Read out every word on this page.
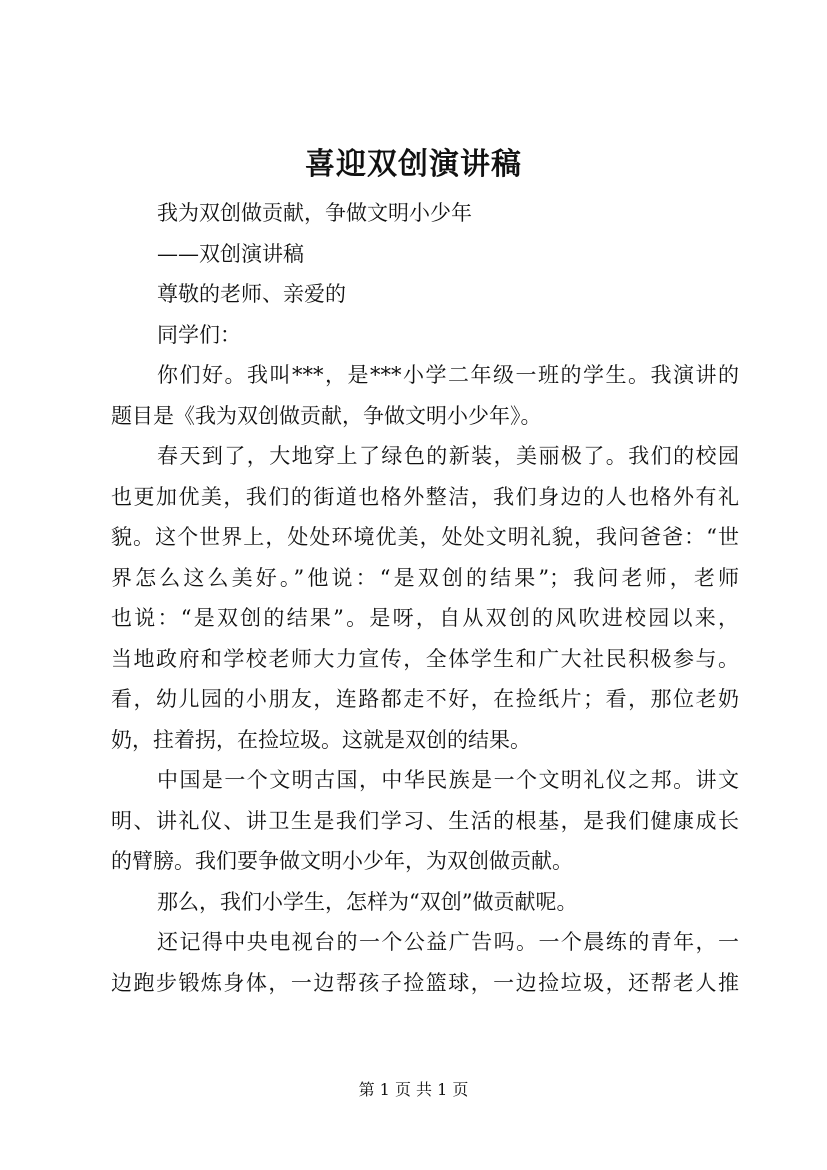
喜迎双创演讲稿
我为双创做贡献，争做文明小少年
——双创演讲稿
尊敬的老师、亲爱的
同学们：
你们好。我叫***，是***小学二年级一班的学生。我演讲的
题目是《我为双创做贡献，争做文明小少年》。
春天到了，大地穿上了绿色的新装，美丽极了。我们的校园
也更加优美，我们的街道也格外整洁，我们身边的人也格外有礼
貌。这个世界上，处处环境优美，处处文明礼貌，我问爸爸：“世
界怎么这么美好。”他说：“是双创的结果”；我问老师，老师
也说：“是双创的结果”。是呀，自从双创的风吹进校园以来，
当地政府和学校老师大力宣传，全体学生和广大社民积极参与。
看，幼儿园的小朋友，连路都走不好，在捡纸片；看，那位老奶
奶，拄着拐，在捡垃圾。这就是双创的结果。
中国是一个文明古国，中华民族是一个文明礼仪之邦。讲文
明、讲礼仪、讲卫生是我们学习、生活的根基，是我们健康成长
的臂膀。我们要争做文明小少年，为双创做贡献。
那么，我们小学生，怎样为“双创”做贡献呢。
还记得中央电视台的一个公益广告吗。一个晨练的青年，一
边跑步锻炼身体，一边帮孩子捡篮球，一边捡垃圾，还帮老人推
第 1 页 共 1 页
